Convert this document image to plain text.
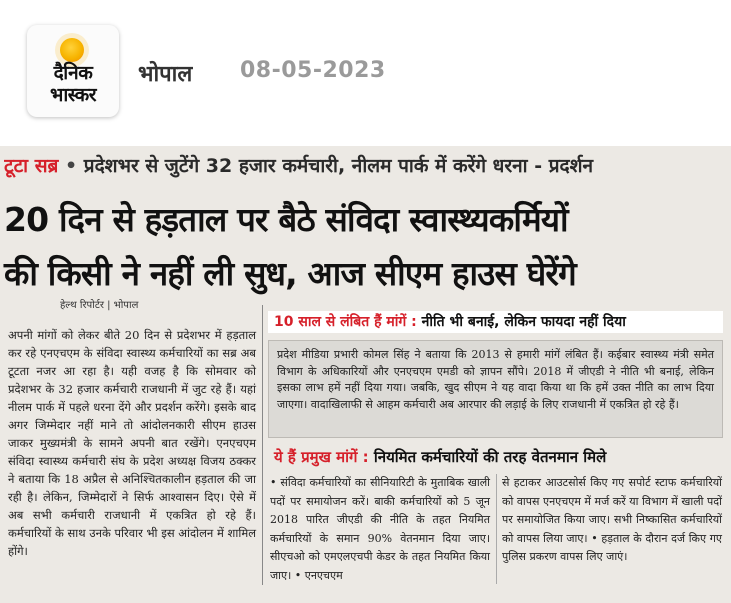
दैनिक
भास्कर
भोपाल 08-05-2023
टूटा सब्र • प्रदेशभर से जुटेंगे 32 हजार कर्मचारी, नीलम पार्क में करेंगे धरना - प्रदर्शन
20 दिन से हड़ताल पर बैठे संविदा स्वास्थ्यकर्मियों
की किसी ने नहीं ली सुध, आज सीएम हाउस घेरेंगे
हेल्थ रिपोर्टर | भोपाल

अपनी मांगों को लेकर बीते 20 दिन से प्रदेशभर में हड़ताल कर रहे एनएचएम के संविदा स्वास्थ्य कर्मचारियों का सब्र अब टूटता नजर आ रहा है। यही वजह है कि सोमवार को प्रदेशभर के 32 हजार कर्मचारी राजधानी में जुट रहे हैं। यहां नीलम पार्क में पहले धरना देंगे और प्रदर्शन करेंगे। इसके बाद अगर जिम्मेदार नहीं माने तो आंदोलनकारी सीएम हाउस जाकर मुख्यमंत्री के सामने अपनी बात रखेंगे। एनएचएम संविदा स्वास्थ्य कर्मचारी संघ के प्रदेश अध्यक्ष विजय ठक्कर ने बताया कि 18 अप्रैल से अनिश्चितकालीन हड़ताल की जा रही है। लेकिन, जिम्मेदारों ने सिर्फ आश्वासन दिए। ऐसे में अब सभी कर्मचारी राजधानी में एकत्रित हो रहे हैं। कर्मचारियों के साथ उनके परिवार भी इस आंदोलन में शामिल होंगे।

10 साल से लंबित हैं मांगें : नीति भी बनाई, लेकिन फायदा नहीं दिया
प्रदेश मीडिया प्रभारी कोमल सिंह ने बताया कि 2013 से हमारी मांगें लंबित हैं। कईबार स्वास्थ्य मंत्री समेत विभाग के अधिकारियों और एनएचएम एमडी को ज्ञापन सौंपे। 2018 में जीएडी ने नीति भी बनाई, लेकिन इसका लाभ हमें नहीं दिया गया। जबकि, खुद सीएम ने यह वादा किया था कि हमें उक्त नीति का लाभ दिया जाएगा। वादाखिलाफी से आहम कर्मचारी अब आरपार की लड़ाई के लिए राजधानी में एकत्रित हो रहे हैं।
ये हैं प्रमुख मांगें : नियमित कर्मचारियों की तरह वेतनमान मिले

• संविदा कर्मचारियों का सीनियारिटी के मुताबिक खाली पदों पर समायोजन करें। बाकी कर्मचारियों को 5 जून 2018 पारित जीएडी की नीति के तहत नियमित कर्मचारियों के समान 90% वेतनमान दिया जाए। सीएचओ को एमएलएचपी केडर के तहत नियमित किया जाए। • एनएचएम

से हटाकर आउटसोर्स किए गए सपोर्ट स्टाफ कर्मचारियों को वापस एनएचएम में मर्ज करें या विभाग में खाली पदों पर समायोजित किया जाए। सभी निष्कासित कर्मचारियों को वापस लिया जाए। • हड़ताल के दौरान दर्ज किए गए पुलिस प्रकरण वापस लिए जाएं।
